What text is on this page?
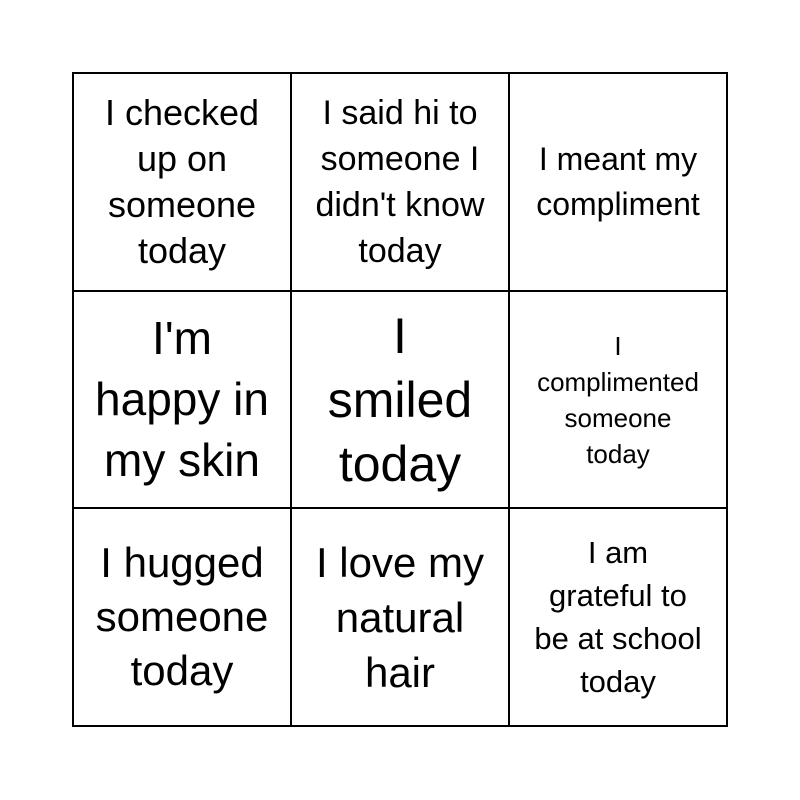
I checked
up on
someone
today
I said hi to
someone I
didn't know
today
I meant my
compliment
I'm
happy in
my skin
I
smiled
today
I
complimented
someone
today
I hugged
someone
today
I love my
natural
hair
I am
grateful to
be at school
today
